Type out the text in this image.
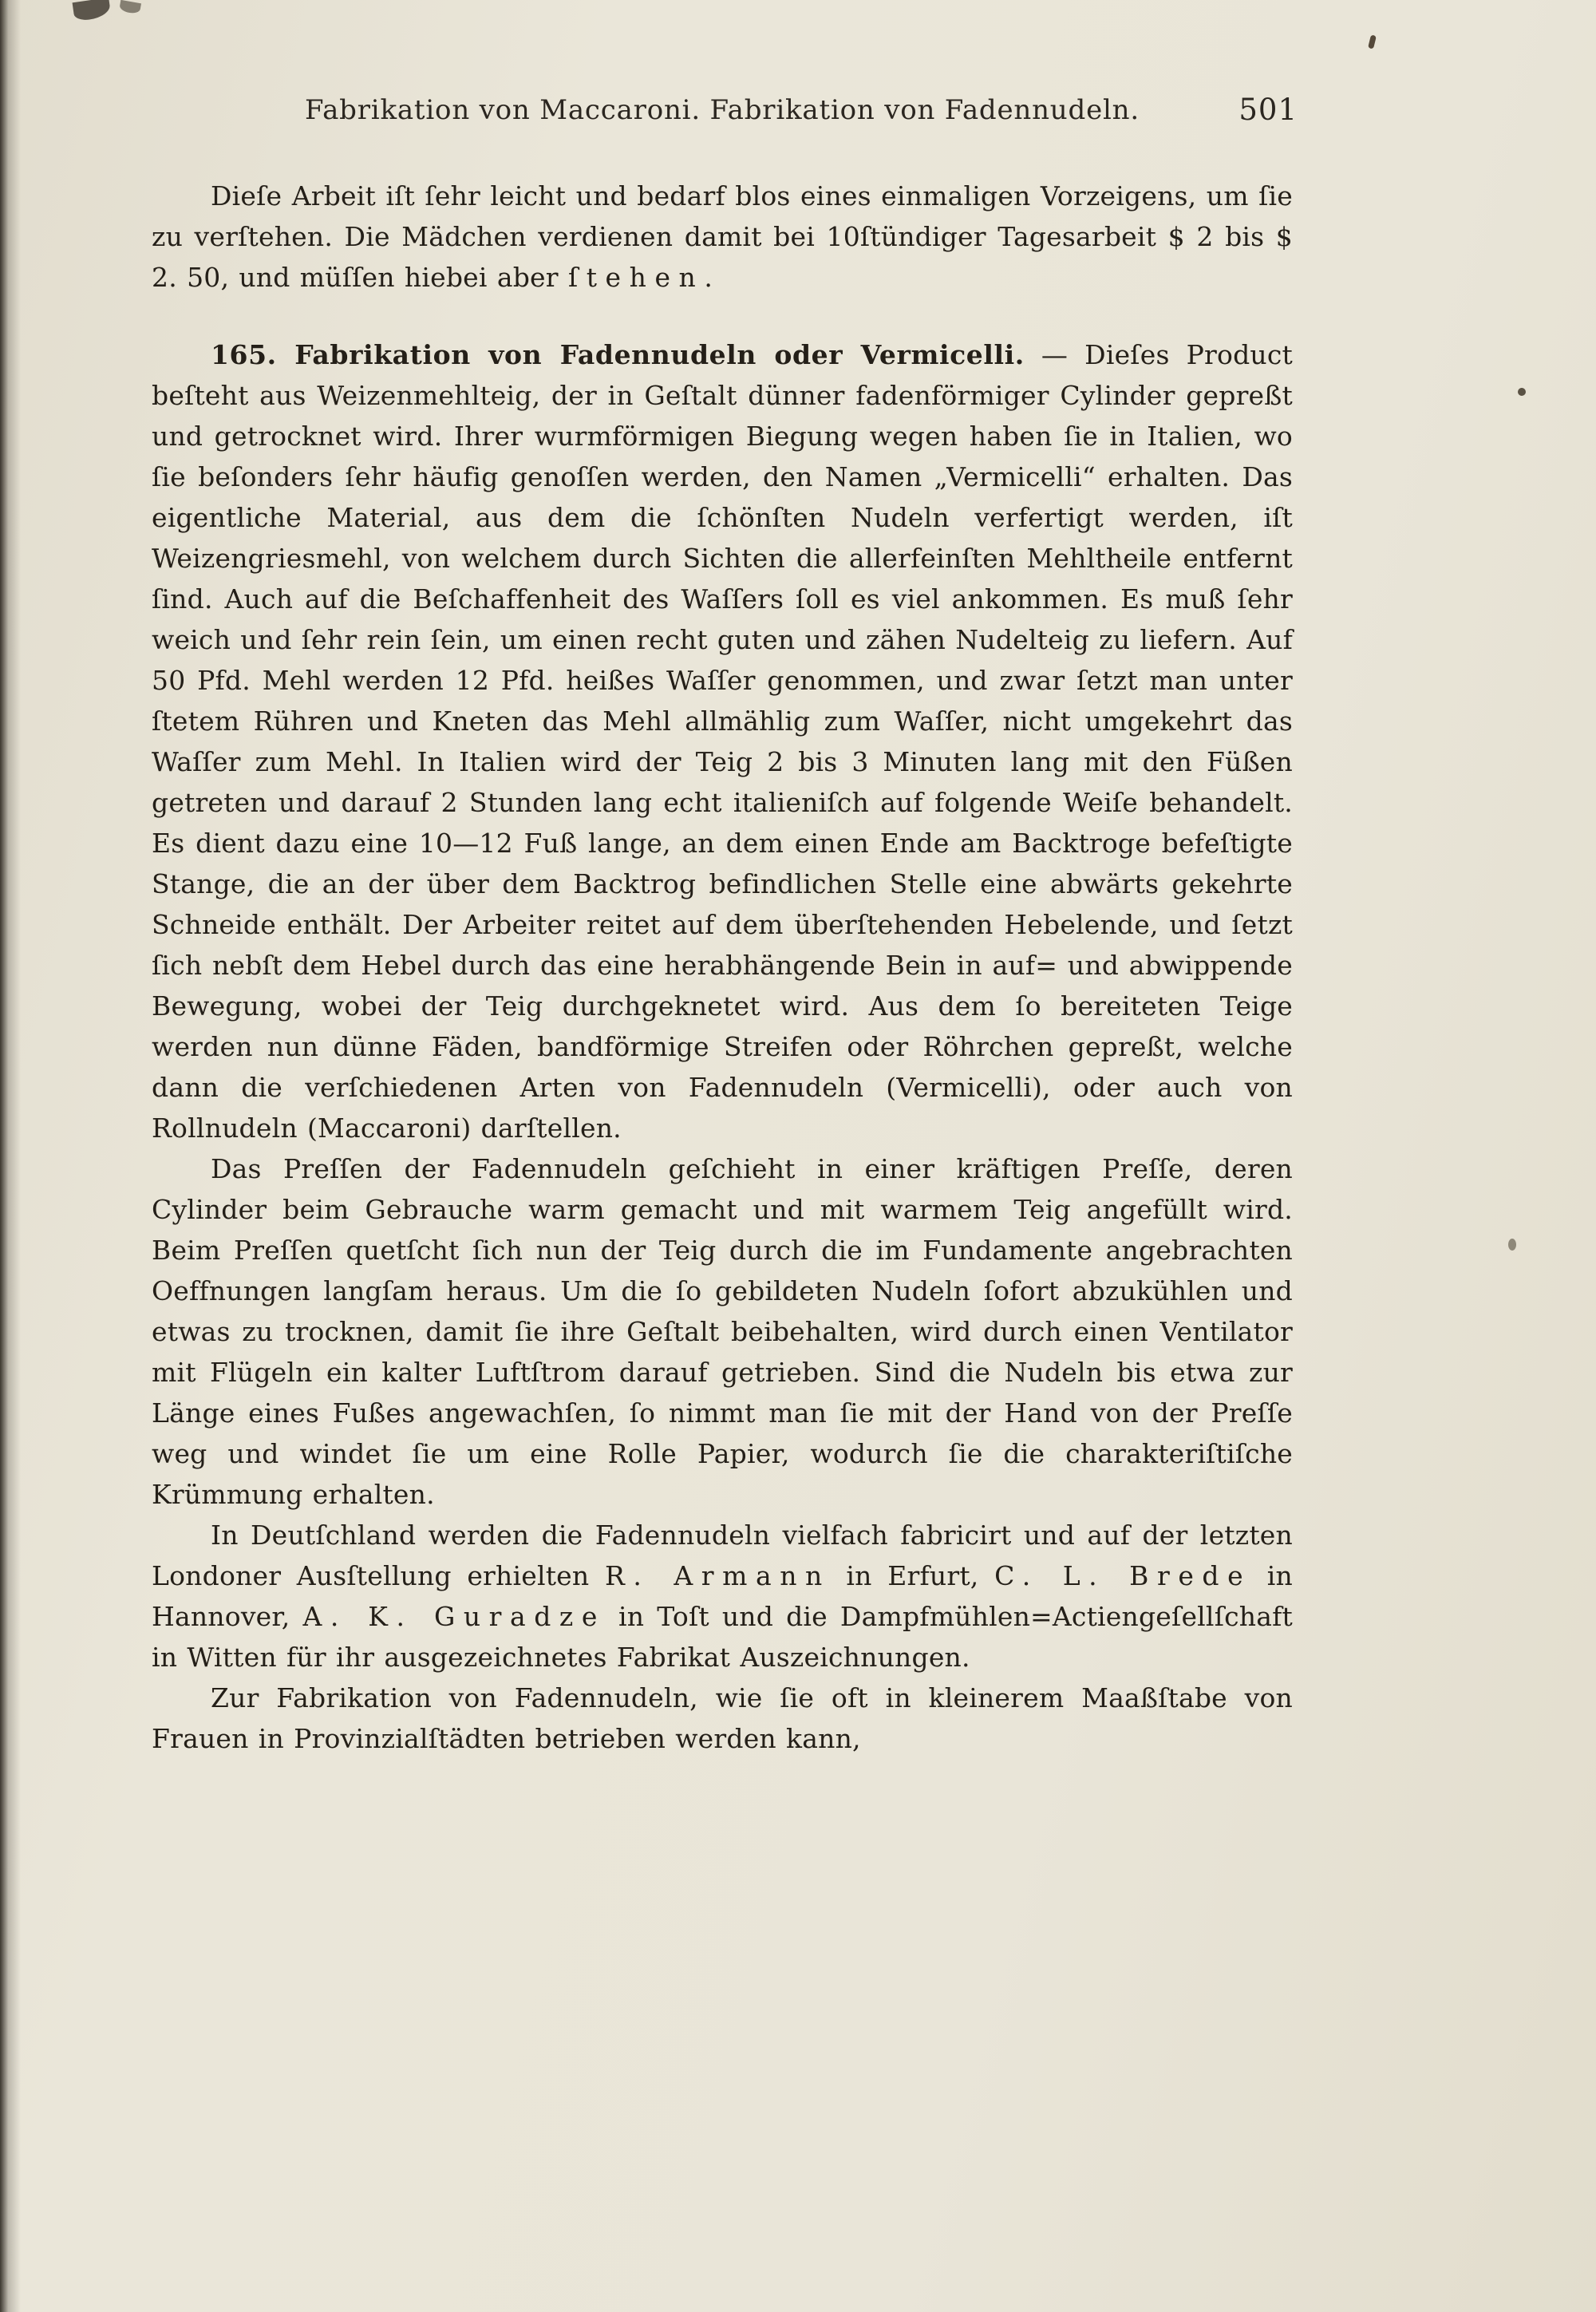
Fabrikation von Maccaroni. Fabrikation von Fadennudeln.	501

Dieſe Arbeit iſt ſehr leicht und bedarf blos eines einmaligen Vorzeigens, um ſie zu verſtehen. Die Mädchen verdienen damit bei 10ſtündiger Tagesarbeit $ 2 bis $ 2. 50, und müſſen hiebei aber ſtehen.

165. Fabrikation von Fadennudeln oder Vermicelli. — Dieſes Product beſteht aus Weizenmehlteig, der in Geſtalt dünner fadenförmiger Cylinder gepreßt und getrocknet wird. Ihrer wurmförmigen Biegung wegen haben ſie in Italien, wo ſie beſonders ſehr häufig genoſſen werden, den Namen „Vermicelli“ erhalten. Das eigentliche Material, aus dem die ſchönſten Nudeln verfertigt werden, iſt Weizengriesmehl, von welchem durch Sichten die allerfeinſten Mehltheile entfernt ſind. Auch auf die Beſchaffenheit des Waſſers ſoll es viel ankommen. Es muß ſehr weich und ſehr rein ſein, um einen recht guten und zähen Nudelteig zu liefern. Auf 50 Pfd. Mehl werden 12 Pfd. heißes Waſſer genommen, und zwar ſetzt man unter ſtetem Rühren und Kneten das Mehl allmählig zum Waſſer, nicht umgekehrt das Waſſer zum Mehl. In Italien wird der Teig 2 bis 3 Minuten lang mit den Füßen getreten und darauf 2 Stunden lang echt italieniſch auf folgende Weiſe behandelt. Es dient dazu eine 10—12 Fuß lange, an dem einen Ende am Backtroge befeſtigte Stange, die an der über dem Backtrog befindlichen Stelle eine abwärts gekehrte Schneide enthält. Der Arbeiter reitet auf dem überſtehenden Hebelende, und ſetzt ſich nebſt dem Hebel durch das eine herabhängende Bein in auf= und abwippende Bewegung, wobei der Teig durchgeknetet wird. Aus dem ſo bereiteten Teige werden nun dünne Fäden, bandförmige Streifen oder Röhrchen gepreßt, welche dann die verſchiedenen Arten von Fadennudeln (Vermicelli), oder auch von Rollnudeln (Maccaroni) darſtellen.

Das Preſſen der Fadennudeln geſchieht in einer kräftigen Preſſe, deren Cylinder beim Gebrauche warm gemacht und mit warmem Teig angefüllt wird. Beim Preſſen quetſcht ſich nun der Teig durch die im Fundamente angebrachten Oeffnungen langſam heraus. Um die ſo gebildeten Nudeln ſofort abzukühlen und etwas zu trocknen, damit ſie ihre Geſtalt beibehalten, wird durch einen Ventilator mit Flügeln ein kalter Luftſtrom darauf getrieben. Sind die Nudeln bis etwa zur Länge eines Fußes angewachſen, ſo nimmt man ſie mit der Hand von der Preſſe weg und windet ſie um eine Rolle Papier, wodurch ſie die charakteriſtiſche Krümmung erhalten.

In Deutſchland werden die Fadennudeln vielfach fabricirt und auf der letzten Londoner Ausſtellung erhielten R. Armann in Erfurt, C. L. Brede in Hannover, A. K. Guradze in Toſt und die Dampfmühlen=Actiengeſellſchaft in Witten für ihr ausgezeichnetes Fabrikat Auszeichnungen.

Zur Fabrikation von Fadennudeln, wie ſie oft in kleinerem Maaßſtabe von Frauen in Provinzialſtädten betrieben werden kann,
